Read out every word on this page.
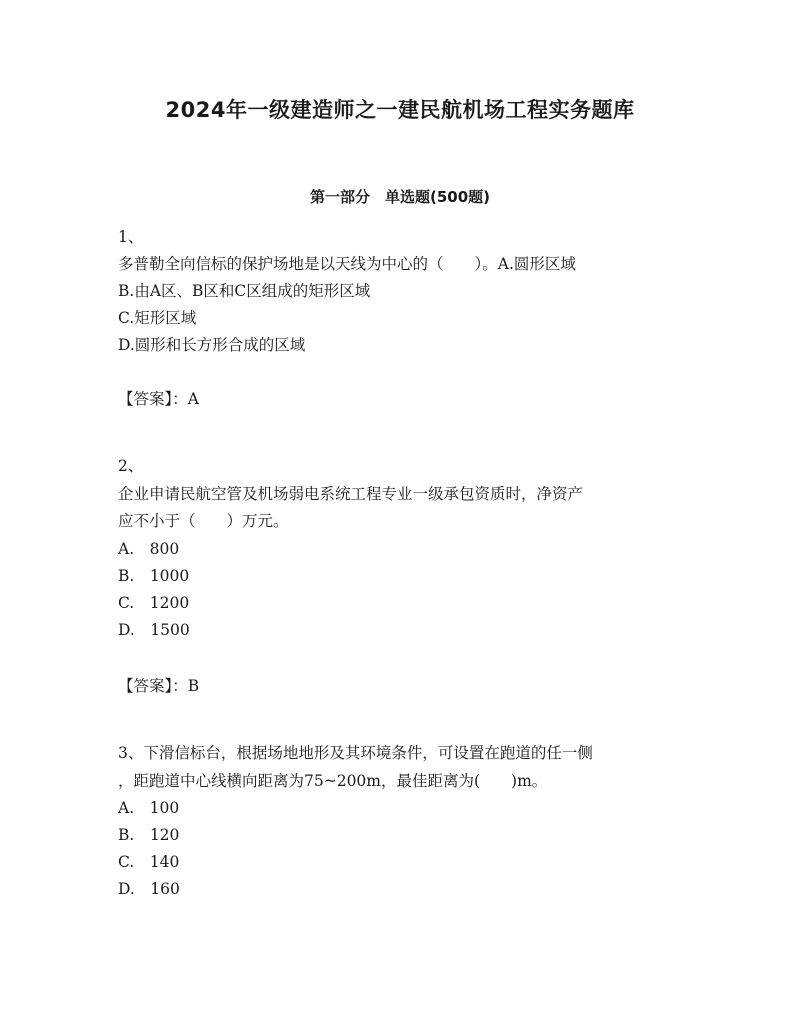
2024年一级建造师之一建民航机场工程实务题库
第一部分　单选题(500题)
1、
多普勒全向信标的保护场地是以天线为中心的（　　）。A.圆形区域
B.由A区、B区和C区组成的矩形区域
C.矩形区域
D.圆形和长方形合成的区域
【答案】：A
2、
企业申请民航空管及机场弱电系统工程专业一级承包资质时，净资产
应不小于（　　）万元。
A.　800
B.　1000
C.　1200
D.　1500
【答案】：B
3、下滑信标台，根据场地地形及其环境条件，可设置在跑道的任一侧
，距跑道中心线横向距离为75~200m，最佳距离为(　　)m。
A.　100
B.　120
C.　140
D.　160
